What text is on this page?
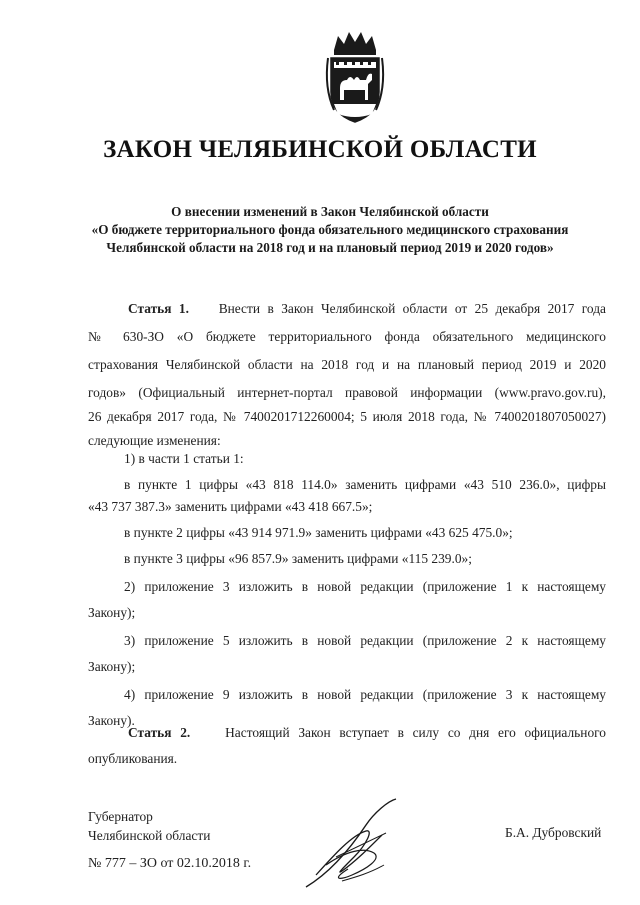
ЗАКОН ЧЕЛЯБИНСКОЙ ОБЛАСТИ
О внесении изменений в Закон Челябинской области
«О бюджете территориального фонда обязательного медицинского страхования
Челябинской области на 2018 год и на плановый период 2019 и 2020 годов»

Статья 1. Внести в Закон Челябинской области от 25 декабря 2017 года

№ 630-ЗО «О бюджете территориального фонда обязательного медицинского

страхования Челябинской области на 2018 год и на плановый период 2019 и 2020

годов» (Официальный интернет-портал правовой информации (www.pravo.gov.ru),

26 декабря 2017 года, № 7400201712260004; 5 июля 2018 года, № 7400201807050027)

следующие изменения:

1) в части 1 статьи 1:

в пункте 1 цифры «43 818 114.0» заменить цифрами «43 510 236.0», цифры

«43 737 387.3» заменить цифрами «43 418 667.5»;

в пункте 2 цифры «43 914 971.9» заменить цифрами «43 625 475.0»;

в пункте 3 цифры «96 857.9» заменить цифрами «115 239.0»;

2) приложение 3 изложить в новой редакции (приложение 1 к настоящему

Закону);

3) приложение 5 изложить в новой редакции (приложение 2 к настоящему

Закону);

4) приложение 9 изложить в новой редакции (приложение 3 к настоящему

Закону).

Статья 2.	Настоящий Закон вступает в силу со дня его официального

опубликования.

Губернатор
Челябинской области	Б.А. Дубровский
№ 777 – ЗО от 02.10.2018 г.
